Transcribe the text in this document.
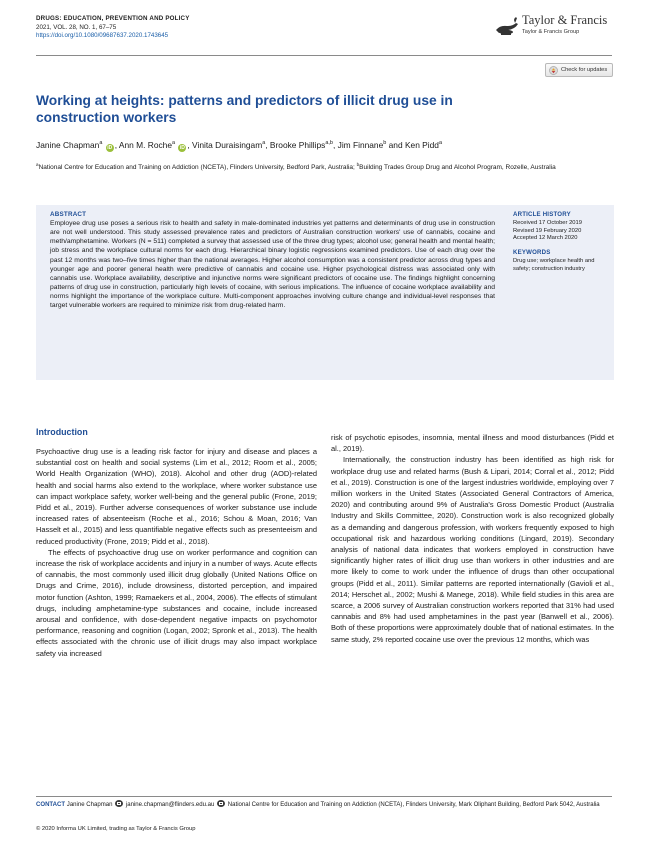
DRUGS: EDUCATION, PREVENTION AND POLICY
2021, VOL. 28, NO. 1, 67–75
https://doi.org/10.1080/09687637.2020.1743645
Taylor & Francis
Taylor & Francis Group
Check for updates
Working at heights: patterns and predictors of illicit drug use in construction workers
Janine Chapman$^a$ iD , Ann M. Roche$^a$ iD , Vinita Duraisingam$^a$, Brooke Phillips$^{a,b}$, Jim Finnane$^b$ and Ken Pidd$^a$
$^a$National Centre for Education and Training on Addiction (NCETA), Flinders University, Bedford Park, Australia; $^b$Building Trades Group Drug and Alcohol Program, Rozelle, Australia
ABSTRACT
Employee drug use poses a serious risk to health and safety in male-dominated industries yet patterns and determinants of drug use in construction are not well understood. This study assessed prevalence rates and predictors of Australian construction workers' use of cannabis, cocaine and meth/amphetamine. Workers (N = 511) completed a survey that assessed use of the three drug types; alcohol use; general health and mental health; job stress and the workplace cultural norms for each drug. Hierarchical binary logistic regressions examined predictors. Use of each drug over the past 12 months was two–five times higher than the national averages. Higher alcohol consumption was a consistent predictor across drug types and younger age and poorer general health were predictive of cannabis and cocaine use. Higher psychological distress was associated only with cannabis use. Workplace availability, descriptive and injunctive norms were significant predictors of cocaine use. The findings highlight concerning patterns of drug use in construction, particularly high levels of cocaine, with serious implications. The influence of cocaine workplace availability and norms highlight the importance of the workplace culture. Multi-component approaches involving culture change and individual-level responses that target vulnerable workers are required to minimize risk from drug-related harm.
ARTICLE HISTORY
Received 17 October 2019
Revised 19 February 2020
Accepted 12 March 2020
KEYWORDS
Drug use; workplace health and safety; construction industry
Introduction

Psychoactive drug use is a leading risk factor for injury and disease and places a substantial cost on health and social systems (Lim et al., 2012; Room et al., 2005; World Health Organization (WHO), 2018). Alcohol and other drug (AOD)-related health and social harms also extend to the workplace, where worker substance use can impact workplace safety, worker well-being and the general public (Frone, 2019; Pidd et al., 2019). Further adverse consequences of worker substance use include increased rates of absenteeism (Roche et al., 2016; Schou & Moan, 2016; Van Hasselt et al., 2015) and less quantifiable negative effects such as presenteeism and reduced productivity (Frone, 2019; Pidd et al., 2018).

The effects of psychoactive drug use on worker performance and cognition can increase the risk of workplace accidents and injury in a number of ways. Acute effects of cannabis, the most commonly used illicit drug globally (United Nations Office on Drugs and Crime, 2016), include drowsiness, distorted perception, and impaired motor function (Ashton, 1999; Ramaekers et al., 2004, 2006). The effects of stimulant drugs, including amphetamine-type substances and cocaine, include increased arousal and confidence, with dose-dependent negative impacts on psychomotor performance, reasoning and cognition (Logan, 2002; Spronk et al., 2013). The health effects associated with the chronic use of illicit drugs may also impact workplace safety via increased

risk of psychotic episodes, insomnia, mental illness and mood disturbances (Pidd et al., 2019).

Internationally, the construction industry has been identified as high risk for workplace drug use and related harms (Bush & Lipari, 2014; Corral et al., 2012; Pidd et al., 2019). Construction is one of the largest industries worldwide, employing over 7 million workers in the United States (Associated General Contractors of America, 2020) and contributing around 9% of Australia's Gross Domestic Product (Australia Industry and Skills Committee, 2020). Construction work is also recognized globally as a demanding and dangerous profession, with workers frequently exposed to high occupational risk and hazardous working conditions (Lingard, 2019). Secondary analysis of national data indicates that workers employed in construction have significantly higher rates of illicit drug use than workers in other industries and are more likely to come to work under the influence of drugs than other occupational groups (Pidd et al., 2011). Similar patterns are reported internationally (Gavioli et al., 2014; Herschet al., 2002; Mushi & Manege, 2018). While field studies in this area are scarce, a 2006 survey of Australian construction workers reported that 31% had used cannabis and 8% had used amphetamines in the past year (Banwell et al., 2006). Both of these proportions were approximately double that of national estimates. In the same study, 2% reported cocaine use over the previous 12 months, which was

CONTACT Janine Chapman janine.chapman@flinders.edu.au National Centre for Education and Training on Addiction (NCETA), Flinders University, Mark Oliphant Building, Bedford Park 5042, Australia
© 2020 Informa UK Limited, trading as Taylor & Francis Group
